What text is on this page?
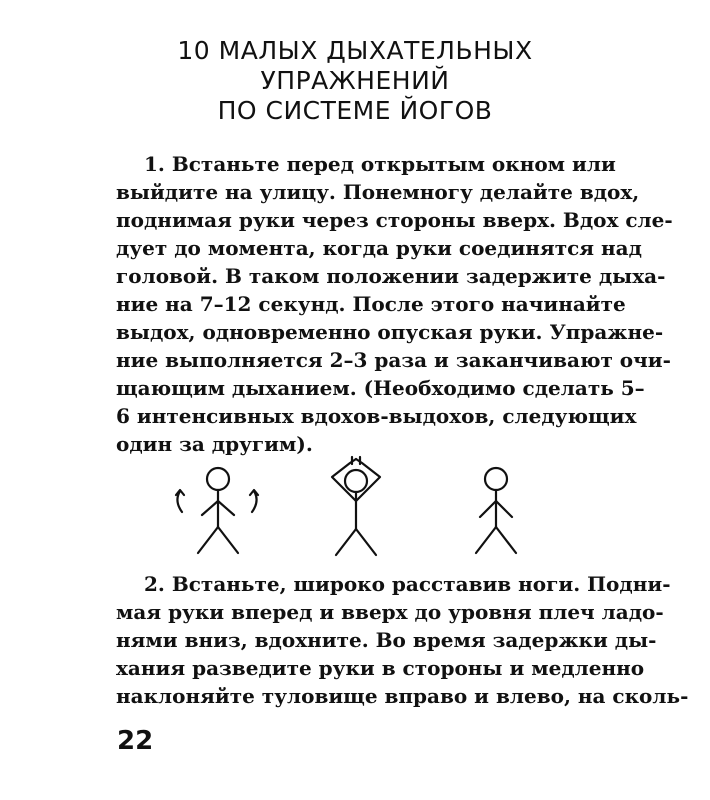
10 МАЛЫХ ДЫХАТЕЛЬНЫХ
УПРАЖНЕНИЙ
ПО СИСТЕМЕ ЙОГОВ
1. Встаньте перед открытым окном или
выйдите на улицу. Понемногу делайте вдох,
поднимая руки через стороны вверх. Вдох сле-
дует до момента, когда руки соединятся над
головой. В таком положении задержите дыха-
ние на 7–12 секунд. После этого начинайте
выдох, одновременно опуская руки. Упражне-
ние выполняется 2–3 раза и заканчивают очи-
щающим дыханием. (Необходимо сделать 5–
6 интенсивных вдохов-выдохов, следующих
один за другим).
2. Встаньте, широко расставив ноги. Подни-
мая руки вперед и вверх до уровня плеч ладо-
нями вниз, вдохните. Во время задержки ды-
хания разведите руки в стороны и медленно
наклоняйте туловище вправо и влево, на сколь-
22
